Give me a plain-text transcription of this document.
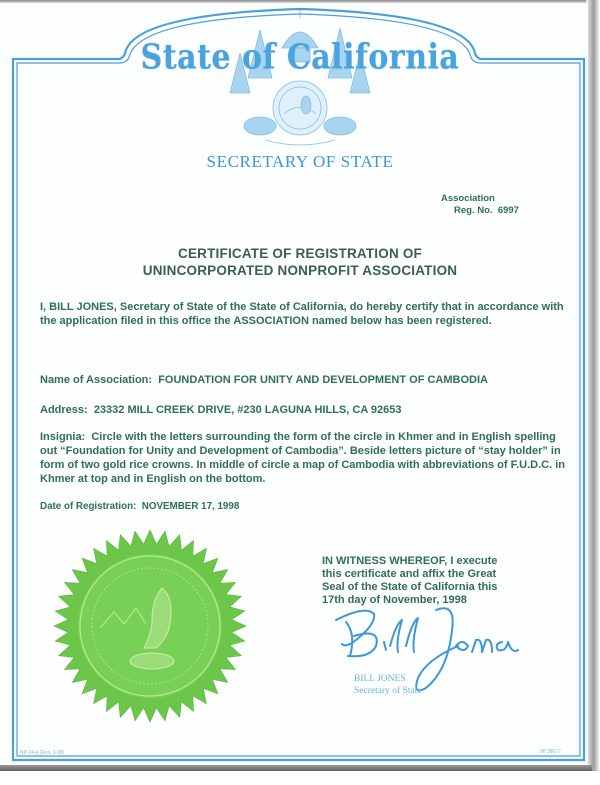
State of California
SECRETARY OF STATE
Association
Reg. No. 6997
CERTIFICATE OF REGISTRATION OF
UNINCORPORATED NONPROFIT ASSOCIATION
I, BILL JONES, Secretary of State of the State of California, do hereby certify that in accordance with the application filed in this office the ASSOCIATION named below has been registered.
Name of Association: FOUNDATION FOR UNITY AND DEVELOPMENT OF CAMBODIA
Address: 23332 MILL CREEK DRIVE, #230 LAGUNA HILLS, CA 92653
Insignia: Circle with the letters surrounding the form of the circle in Khmer and in English spelling out “Foundation for Unity and Development of Cambodia”. Beside letters picture of “stay holder” in form of two gold rice crowns. In middle of circle a map of Cambodia with abbreviations of F.U.D.C. in Khmer at top and in English on the bottom.
Date of Registration: NOVEMBER 17, 1998
IN WITNESS WHEREOF, I execute
this certificate and affix the Great
Seal of the State of California this
17th day of November, 1998
BILL JONES
Secretary of State
NP-24 A (Rev. 1-98)	98 38077
